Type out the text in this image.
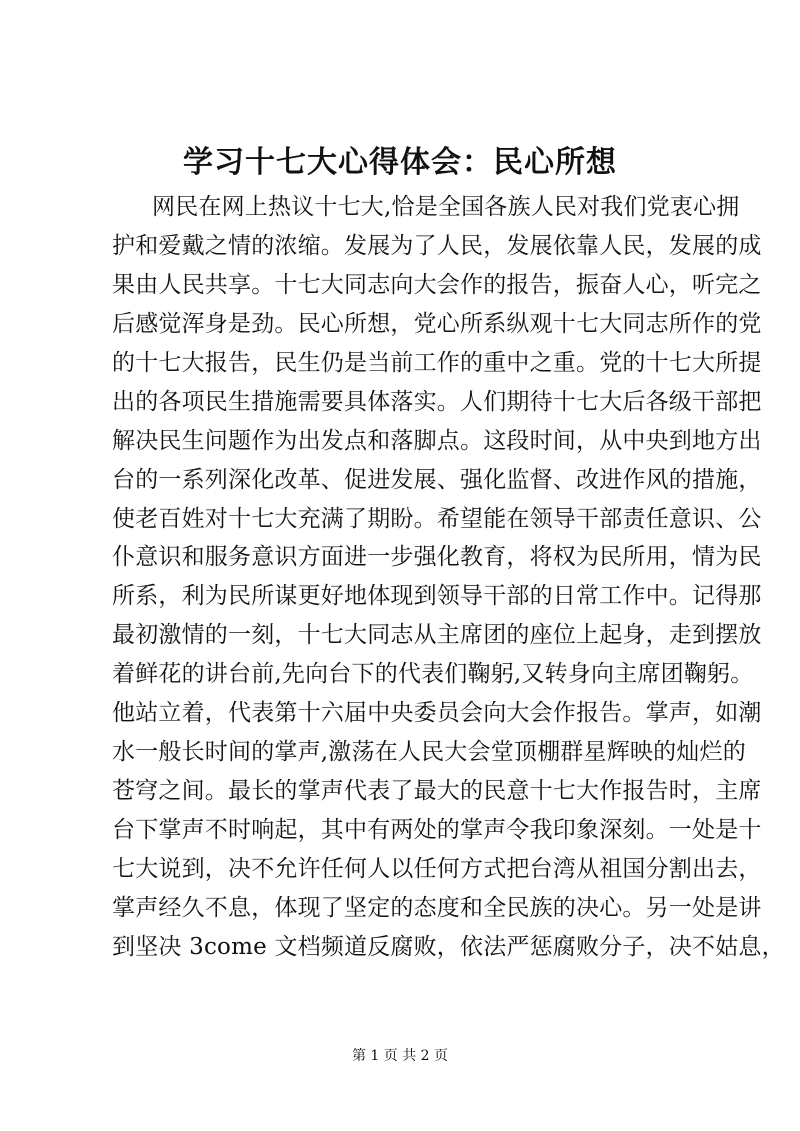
学习十七大心得体会：民心所想
网民在网上热议十七大,恰是全国各族人民对我们党衷心拥
护和爱戴之情的浓缩。发展为了人民，发展依靠人民，发展的成
果由人民共享。十七大同志向大会作的报告，振奋人心，听完之
后感觉浑身是劲。民心所想，党心所系纵观十七大同志所作的党
的十七大报告，民生仍是当前工作的重中之重。党的十七大所提
出的各项民生措施需要具体落实。人们期待十七大后各级干部把
解决民生问题作为出发点和落脚点。这段时间，从中央到地方出
台的一系列深化改革、促进发展、强化监督、改进作风的措施，
使老百姓对十七大充满了期盼。希望能在领导干部责任意识、公
仆意识和服务意识方面进一步强化教育，将权为民所用，情为民
所系，利为民所谋更好地体现到领导干部的日常工作中。记得那
最初激情的一刻，十七大同志从主席团的座位上起身，走到摆放
着鲜花的讲台前,先向台下的代表们鞠躬,又转身向主席团鞠躬。
他站立着，代表第十六届中央委员会向大会作报告。掌声，如潮
水一般长时间的掌声,激荡在人民大会堂顶棚群星辉映的灿烂的
苍穹之间。最长的掌声代表了最大的民意十七大作报告时，主席
台下掌声不时响起，其中有两处的掌声令我印象深刻。一处是十
七大说到，决不允许任何人以任何方式把台湾从祖国分割出去，
掌声经久不息，体现了坚定的态度和全民族的决心。另一处是讲
到坚决 3come 文档频道反腐败，依法严惩腐败分子，决不姑息，
第 1 页 共 2 页
